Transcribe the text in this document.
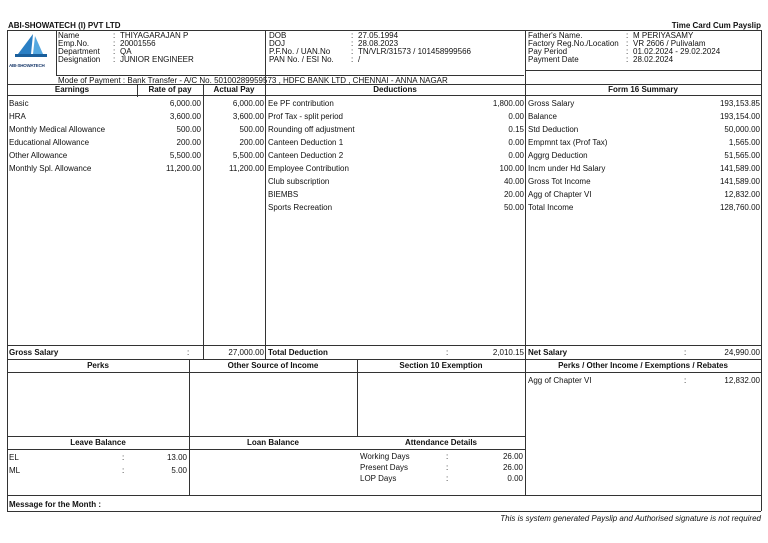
ABI-SHOWATECH (I) PVT LTD	Time Card Cum Payslip
ABI-SHOWATECH
Name	: THIYAGARAJAN P
Emp.No.	: 20001556
Department : QA
Designation : JUNIOR ENGINEER
DOB	: 27.05.1994
DOJ	: 28.08.2023
P.F.No. / UAN.No	: TN/VLR/31573 / 101458999566
PAN No. / ESI No. : /
Father's Name.	: M PERIYASAMY
Factory Reg.No./Location : VR 2606 / Pulivalam
Pay Period	: 01.02.2024 - 29.02.2024
Payment Date	: 28.02.2024
Mode of Payment : Bank Transfer - A/C No. 50100289959573 , HDFC BANK LTD , CHENNAI - ANNA NAGAR
Earnings	Rate of pay	Actual Pay	Deductions	Form 16 Summary
Basic	6,000.00	6,000.00
HRA	3,600.00	3,600.00
Monthly Medical Allowance	500.00	500.00
Educational Allowance	200.00	200.00
Other Allowance	5,500.00	5,500.00
Monthly Spl. Allowance	11,200.00	11,200.00
Ee PF contribution	1,800.00
Prof Tax - split period	0.00
Rounding off adjustment	0.15
Canteen Deduction 1	0.00
Canteen Deduction 2	0.00
Employee Contribution	100.00
Club subscription	40.00
BIEMBS	20.00
Sports Recreation	50.00
Gross Salary	193,153.85
Balance	193,154.00
Std Deduction	50,000.00
Empmnt tax (Prof Tax)	1,565.00
Aggrg Deduction	51,565.00
Incm under Hd Salary	141,589.00
Gross Tot Income	141,589.00
Agg of Chapter VI	12,832.00
Total Income	128,760.00
Gross Salary	:	27,000.00 Total Deduction	:	2,010.15 Net Salary	:	24,990.00
Perks	Other Source of Income	Section 10 Exemption	Perks / Other Income / Exemptions / Rebates
Agg of Chapter VI	:	12,832.00
Leave Balance	Loan Balance	Attendance Details
EL	:	13.00
ML	:	5.00
Working Days	:	26.00
Present Days	:	26.00
LOP Days	:	0.00
Message for the Month :
This is system generated Payslip and Authorised signature is not required
